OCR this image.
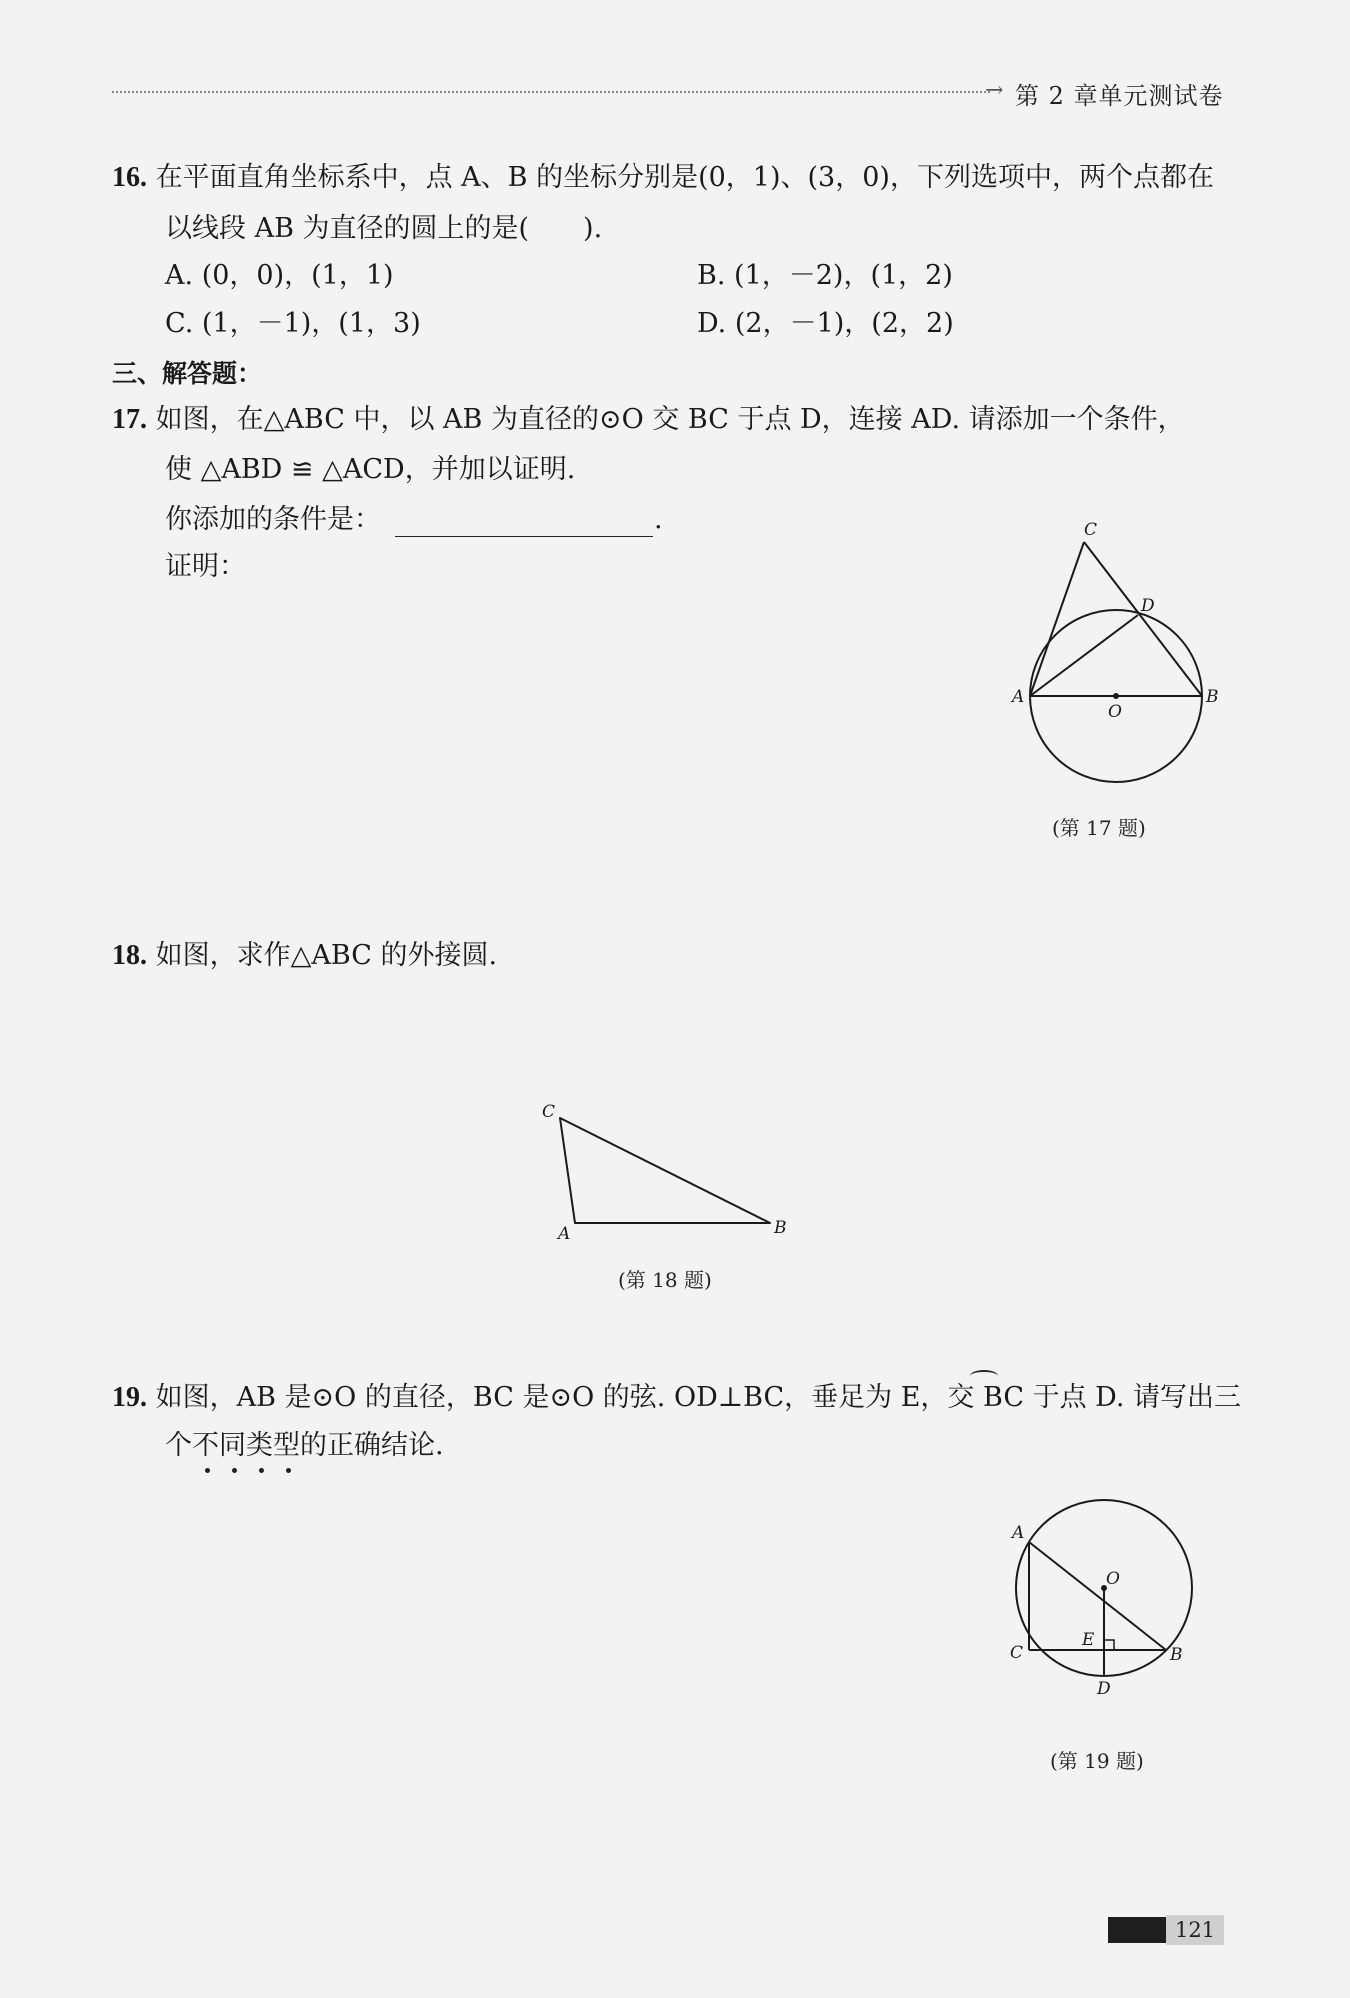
→ 第 2 章单元测试卷
16. 在平面直角坐标系中，点 A、B 的坐标分别是(0，1)、(3，0)，下列选项中，两个点都在
以线段 AB 为直径的圆上的是(　　).
A. (0，0)，(1，1)	B. (1，－2)，(1，2)
C. (1，－1)，(1，3)	D. (2，－1)，(2，2)
三、解答题：
17. 如图，在△ABC 中，以 AB 为直径的⊙O 交 BC 于点 D，连接 AD. 请添加一个条件，
使 △ABD ≌ △ACD，并加以证明.
你添加的条件是：	.
证明：
C
D
A
O
B
(第 17 题)
18. 如图，求作△ABC 的外接圆.
C
A	B
(第 18 题)
19. 如图，AB 是⊙O 的直径，BC 是⊙O 的弦. OD⊥BC，垂足为 E，交 BC 于点 D. 请写出三
个不同类型的正确结论.
A
O
E
C	B
D
(第 19 题)
121
